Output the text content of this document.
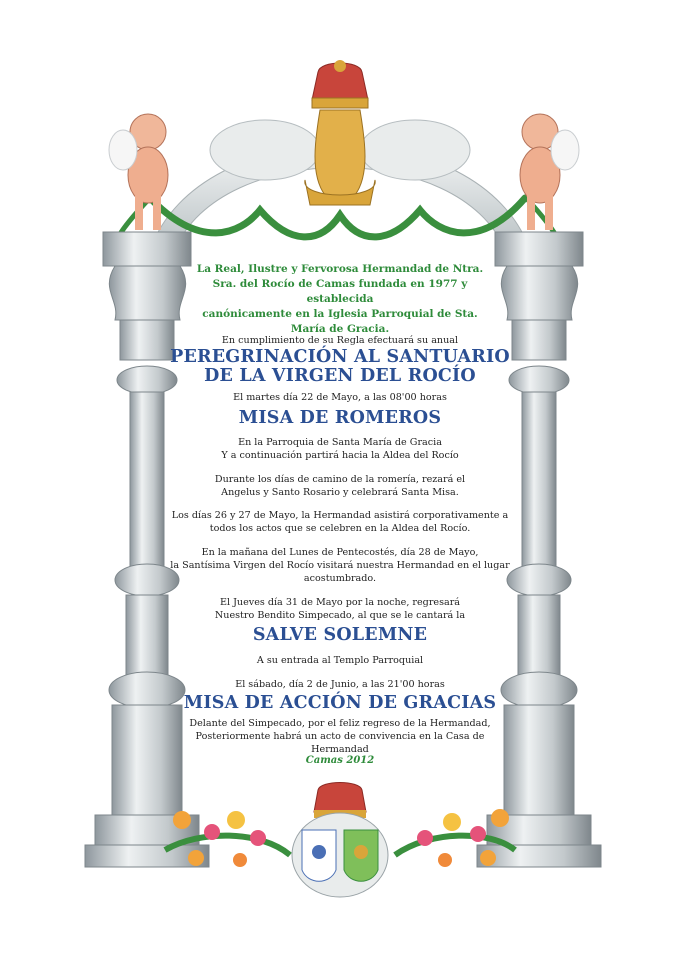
La Real, Ilustre y Fervorosa Hermandad de Ntra.
Sra. del Rocío de Camas fundada en 1977 y establecida
canónicamente en la Iglesia Parroquial de Sta. María de Gracia.

En cumplimiento de su Regla efectuará su anual

PEREGRINACIÓN AL SANTUARIO

DE LA VIRGEN DEL ROCÍO

El martes día 22 de Mayo, a las 08'00 horas

MISA DE ROMEROS

En la Parroquia de Santa María de Gracia

Y a continuación partirá hacia la Aldea del Rocío

Durante los días de camino de la romería, rezará el

Angelus y Santo Rosario y celebrará Santa Misa.

Los días 26 y 27 de Mayo, la Hermandad asistirá corporativamente a

todos los actos que se celebren en la Aldea del Rocío.

En la mañana del Lunes de Pentecostés, día 28 de Mayo,

la Santísima Virgen del Rocío visitará nuestra Hermandad en el lugar

acostumbrado.

El Jueves día 31 de Mayo por la noche, regresará

Nuestro Bendito Simpecado, al que se le cantará la

SALVE SOLEMNE

A su entrada al Templo Parroquial

El sábado, día 2 de Junio, a las 21'00 horas

MISA DE ACCIÓN DE GRACIAS

Delante del Simpecado, por el feliz regreso de la Hermandad,

Posteriormente habrá un acto de convivencia en la Casa de Hermandad

Camas 2012
